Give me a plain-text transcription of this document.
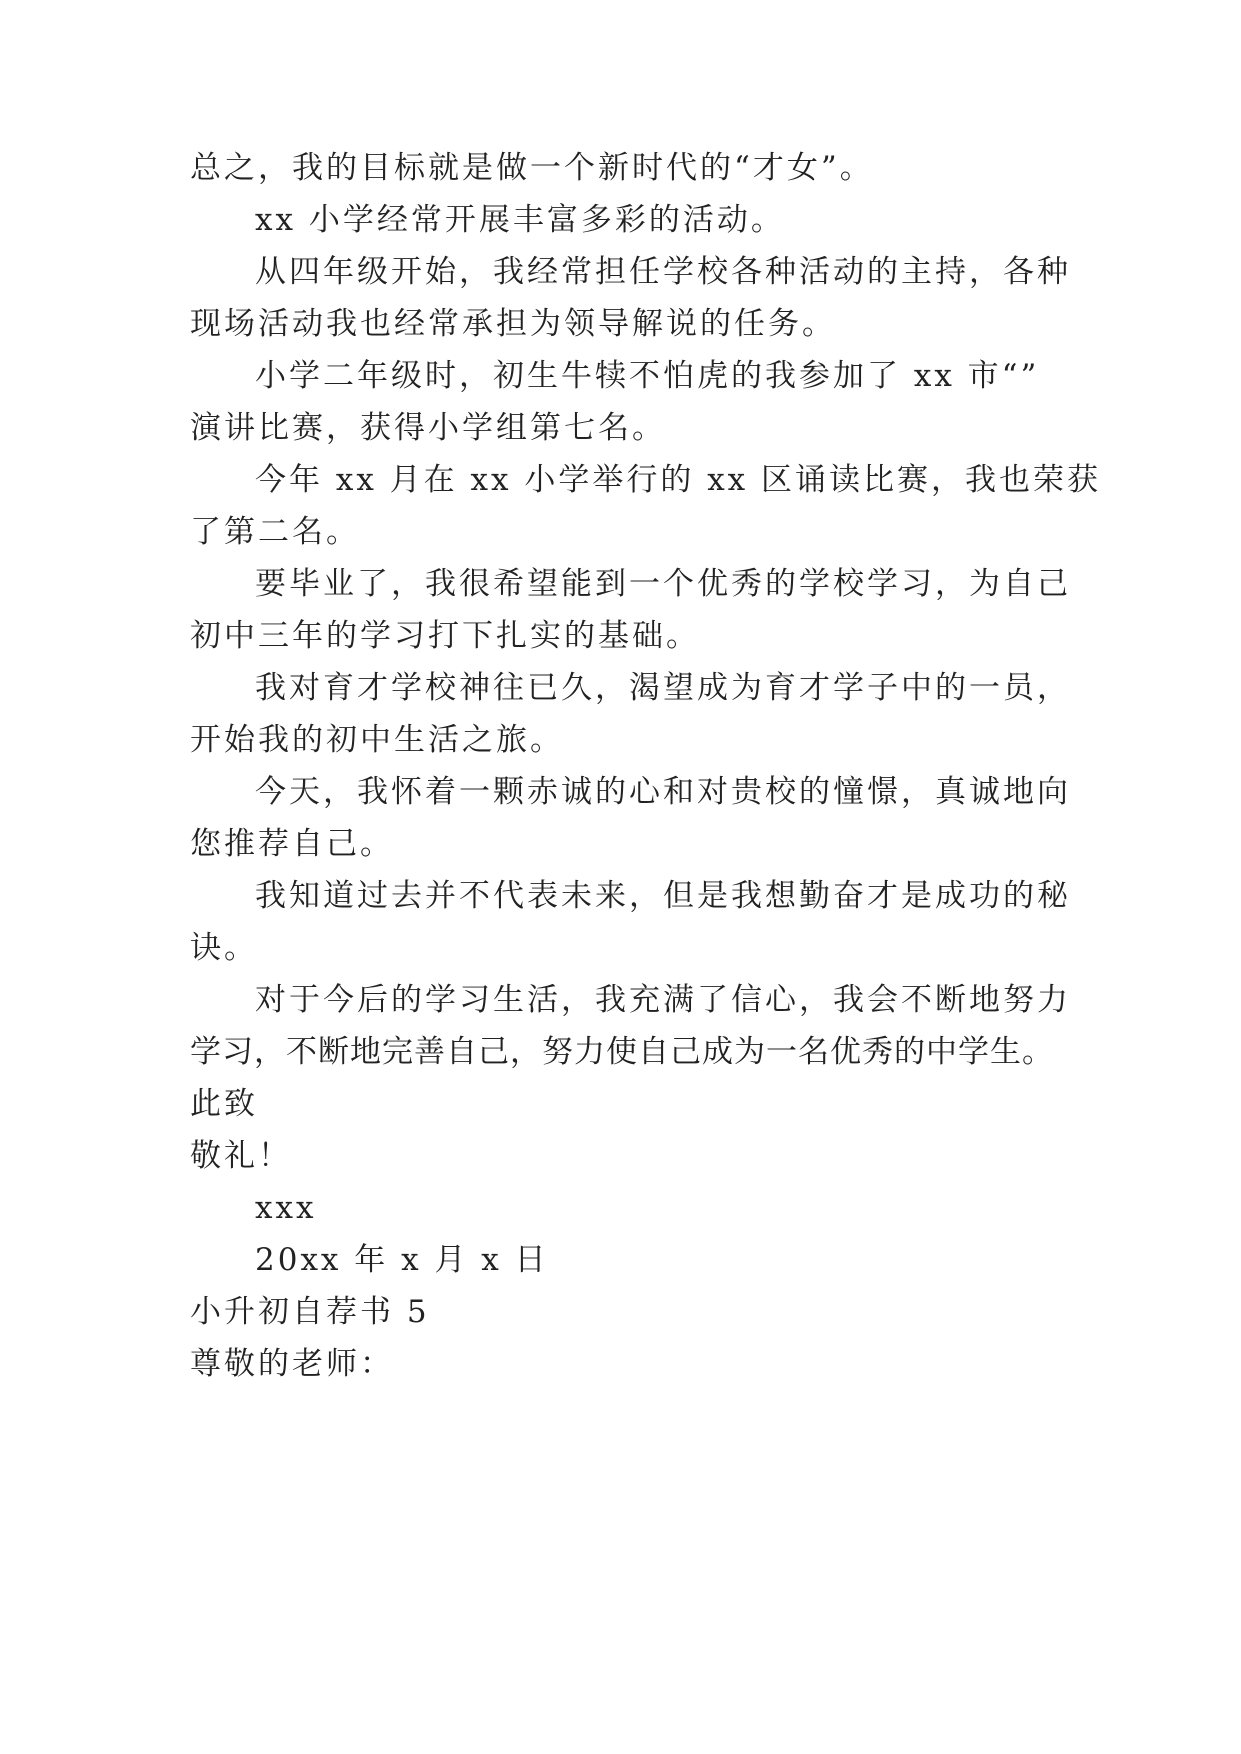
总之，我的目标就是做一个新时代的“才女”。
xx 小学经常开展丰富多彩的活动。
从四年级开始，我经常担任学校各种活动的主持，各种
现场活动我也经常承担为领导解说的任务。
小学二年级时，初生牛犊不怕虎的我参加了 xx 市“”
演讲比赛，获得小学组第七名。
今年 xx 月在 xx 小学举行的 xx 区诵读比赛，我也荣获
了第二名。
要毕业了，我很希望能到一个优秀的学校学习，为自己
初中三年的学习打下扎实的基础。
我对育才学校神往已久，渴望成为育才学子中的一员，
开始我的初中生活之旅。
今天，我怀着一颗赤诚的心和对贵校的憧憬，真诚地向
您推荐自己。
我知道过去并不代表未来，但是我想勤奋才是成功的秘
诀。
对于今后的学习生活，我充满了信心，我会不断地努力
学习，不断地完善自己，努力使自己成为一名优秀的中学生。
此致
敬礼！
xxx
20xx 年 x 月 x 日
小升初自荐书 5
尊敬的老师：
